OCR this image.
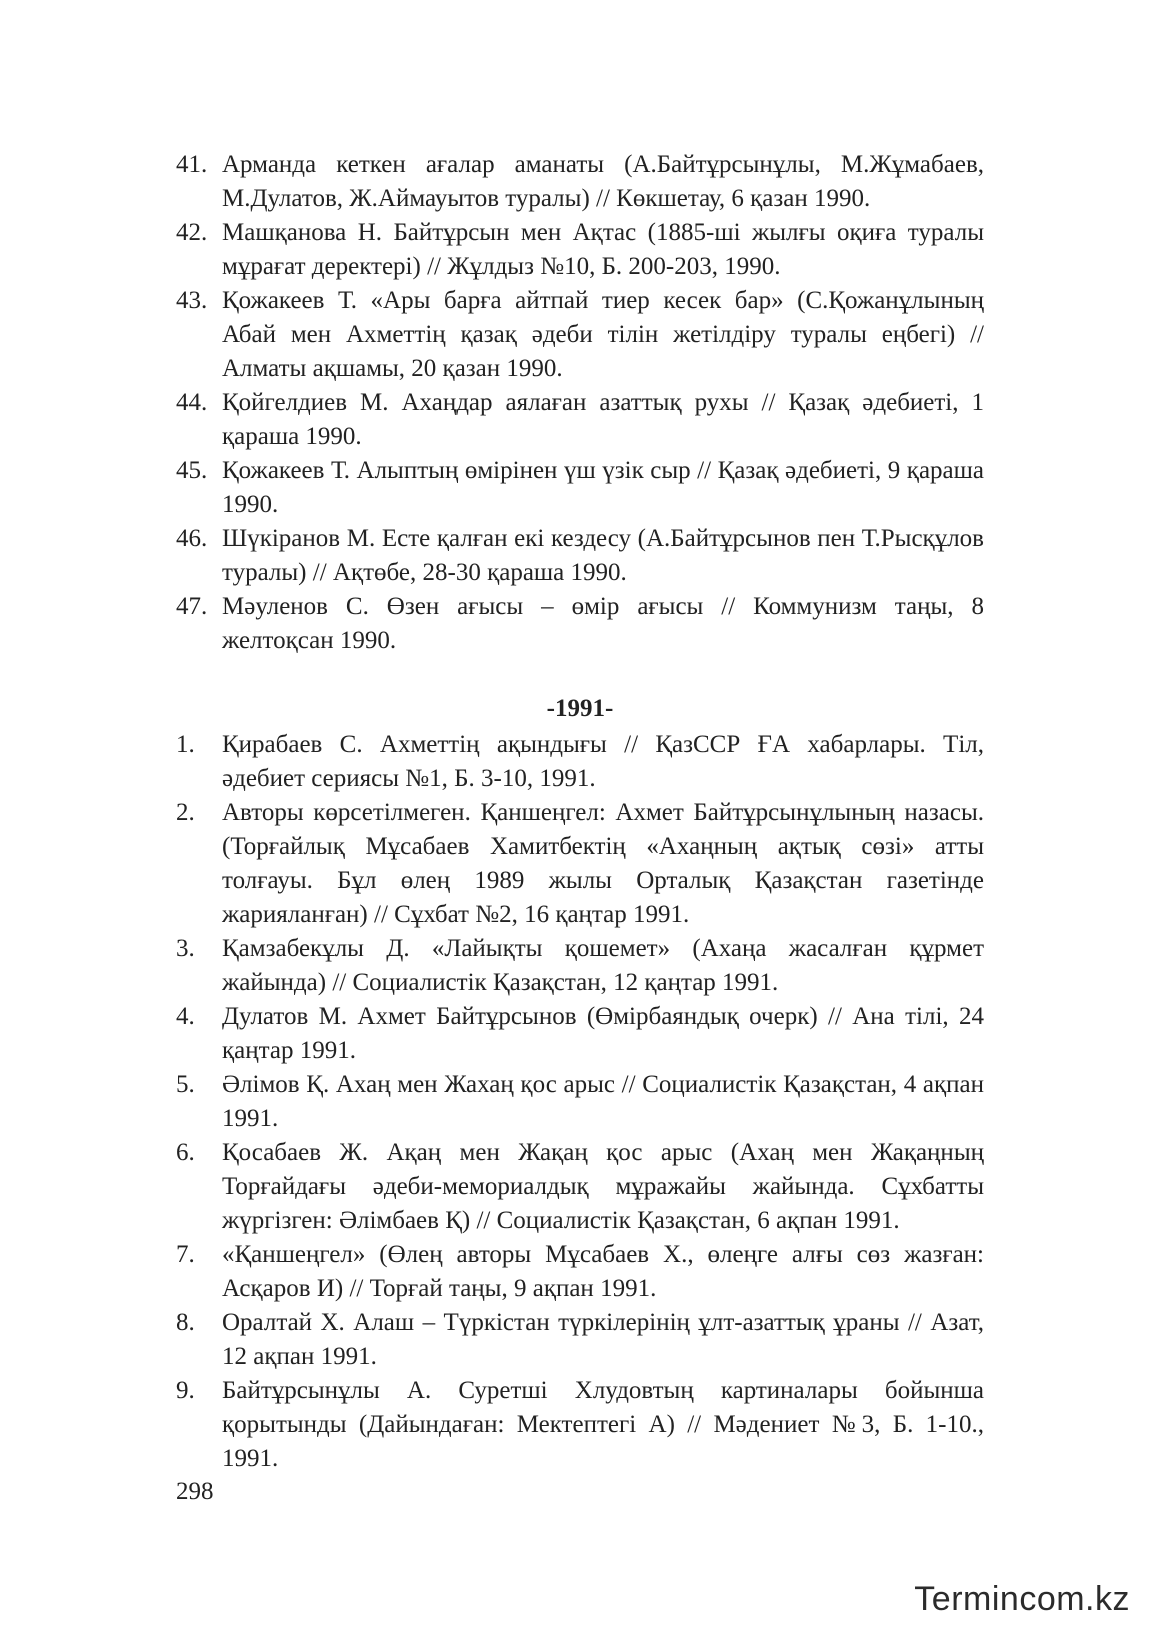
41. Арманда кеткен ағалар аманаты (А.Байтұрсынұлы, М.Жұмабаев, М.Дулатов, Ж.Аймауытов туралы) // Көкшетау, 6 қазан 1990.
42. Машқанова Н. Байтұрсын мен Ақтас (1885-ші жылғы оқиға туралы мұрағат деректері) // Жұлдыз №10, Б. 200-203, 1990.
43. Қожакеев Т. «Ары барға айтпай тиер кесек бар» (С.Қожанұлының Абай мен Ахметтің қазақ әдеби тілін жетілдіру туралы еңбегі) // Алматы ақшамы, 20 қазан 1990.
44. Қойгелдиев М. Ахаңдар аялаған азаттық рухы // Қазақ әдебиеті, 1 қараша 1990.
45. Қожакеев Т. Алыптың өмірінен үш үзік сыр // Қазақ әдебиеті, 9 қараша 1990.
46. Шүкіранов М. Есте қалған екі кездесу (А.Байтұрсынов пен Т.Рысқұлов туралы) // Ақтөбе, 28-30 қараша 1990.
47. Мәуленов С. Өзен ағысы – өмір ағысы // Коммунизм таңы, 8 желтоқсан 1990.
-1991-
1. Қирабаев С. Ахметтің ақындығы // ҚазССР ҒА хабарлары. Тіл, әдебиет сериясы №1, Б. 3-10, 1991.
2. Авторы көрсетілмеген. Қаншеңгел: Ахмет Байтұрсынұлының назасы. (Торғайлық Мұсабаев Хамитбектің «Ахаңның ақтық сөзі» атты толғауы. Бұл өлең 1989 жылы Орталық Қазақстан газетінде жарияланған) // Сұхбат №2, 16 қаңтар 1991.
3. Қамзабекұлы Д. «Лайықты қошемет» (Ахаңа жасалған құрмет жайында) // Социалистік Қазақстан, 12 қаңтар 1991.
4. Дулатов М. Ахмет Байтұрсынов (Өмірбаяндық очерк) // Ана тілі, 24 қаңтар 1991.
5. Әлімов Қ. Ахаң мен Жахаң қос арыс // Социалистік Қазақстан, 4 ақпан 1991.
6. Қосабаев Ж. Ақаң мен Жақаң қос арыс (Ахаң мен Жақаңның Торғайдағы әдеби-мемориалдық мұражайы жайында. Сұхбатты жүргізген: Әлімбаев Қ) // Социалистік Қазақстан, 6 ақпан 1991.
7. «Қаншеңгел» (Өлең авторы Мұсабаев Х., өлеңге алғы сөз жазған: Асқаров И) // Торғай таңы, 9 ақпан 1991.
8. Оралтай Х. Алаш – Түркістан түркілерінің ұлт-азаттық ұраны // Азат, 12 ақпан 1991.
9. Байтұрсынұлы А. Суретші Хлудовтың картиналары бойынша қорытынды (Дайындаған: Мектептегі А) // Мәдениет №3, Б. 1-10., 1991.
298
Termincom.kz
